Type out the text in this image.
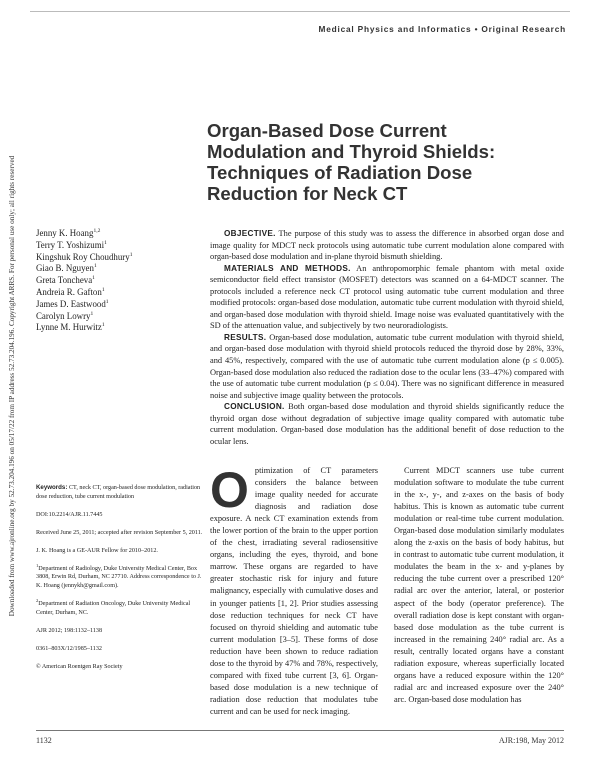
Medical Physics and Informatics • Original Research
Downloaded from www.ajronline.org by 52.73.204.196 on 05/17/22 from IP address 52.73.204.196. Copyright ARRS. For personal use only; all rights reserved
Organ-Based Dose Current Modulation and Thyroid Shields: Techniques of Radiation Dose Reduction for Neck CT
Jenny K. Hoang$^{1,2}$
Terry T. Yoshizumi$^1$
Kingshuk Roy Choudhury$^1$
Giao B. Nguyen$^1$
Greta Toncheva$^1$
Andreia R. Gafton$^1$
James D. Eastwood$^1$
Carolyn Lowry$^1$
Lynne M. Hurwitz$^1$

OBJECTIVE. The purpose of this study was to assess the difference in absorbed organ dose and image quality for MDCT neck protocols using automatic tube current modulation alone compared with organ-based dose modulation and in-plane thyroid bismuth shielding.

MATERIALS AND METHODS. An anthropomorphic female phantom with metal oxide semiconductor field effect transistor (MOSFET) detectors was scanned on a 64-MDCT scanner. The protocols included a reference neck CT protocol using automatic tube current modulation and three modified protocols: organ-based dose modulation, automatic tube current modulation with thyroid shield, and organ-based dose modulation with thyroid shield. Image noise was evaluated quantitatively with the SD of the attenuation value, and subjectively by two neuroradiologists.

RESULTS. Organ-based dose modulation, automatic tube current modulation with thyroid shield, and organ-based dose modulation with thyroid shield protocols reduced the thyroid dose by 28%, 33%, and 45%, respectively, compared with the use of automatic tube current modulation alone (p ≤ 0.005). Organ-based dose modulation also reduced the radiation dose to the ocular lens (33–47%) compared with the use of automatic tube current modulation (p ≤ 0.04). There was no significant difference in measured noise and subjective image quality between the protocols.

CONCLUSION. Both organ-based dose modulation and thyroid shields significantly reduce the thyroid organ dose without degradation of subjective image quality compared with automatic tube current modulation. Organ-based dose modulation has the additional benefit of dose reduction to the ocular lens.

Keywords: CT, neck CT, organ-based dose modulation, radiation dose reduction, tube current modulation

DOI:10.2214/AJR.11.7445

Received June 25, 2011; accepted after revision September 5, 2011.

J. K. Hoang is a GE-AUR Fellow for 2010–2012.

$^1$Department of Radiology, Duke University Medical Center, Box 3808, Erwin Rd, Durham, NC 27710. Address correspondence to J. K. Hoang (jennykh@gmail.com).

$^2$Department of Radiation Oncology, Duke University Medical Center, Durham, NC.

AJR 2012; 198:1132–1138

0361–803X/12/1985–1132

© American Roentgen Ray Society

Optimization of CT parameters considers the balance between image quality needed for accurate diagnosis and radiation dose exposure. A neck CT examination extends from the lower portion of the brain to the upper portion of the chest, irradiating several radiosensitive organs, including the eyes, thyroid, and bone marrow. These organs are regarded to have greater stochastic risk for injury and future malignancy, especially with cumulative doses and in younger patients [1, 2]. Prior studies assessing dose reduction techniques for neck CT have focused on thyroid shielding and automatic tube current modulation [3–5]. These forms of dose reduction have been shown to reduce radiation dose to the thyroid by 47% and 78%, respectively, compared with fixed tube current [3, 6]. Organ-based dose modulation is a new technique of radiation dose reduction that modulates tube current and can be used for neck imaging.

Current MDCT scanners use tube current modulation software to modulate the tube current in the x-, y-, and z-axes on the basis of body habitus. This is known as automatic tube current modulation or real-time tube current modulation. Organ-based dose modulation similarly modulates along the z-axis on the basis of body habitus, but in contrast to automatic tube current modulation, it modulates the beam in the x- and y-planes by reducing the tube current over a prescribed 120° radial arc over the anterior, lateral, or posterior aspect of the body (operator preference). The overall radiation dose is kept constant with organ-based dose modulation as the tube current is increased in the remaining 240° radial arc. As a result, centrally located organs have a constant radiation exposure, whereas superficially located organs have a reduced exposure within the 120° radial arc and increased exposure over the 240° arc. Organ-based dose modulation has

1132	AJR:198, May 2012
